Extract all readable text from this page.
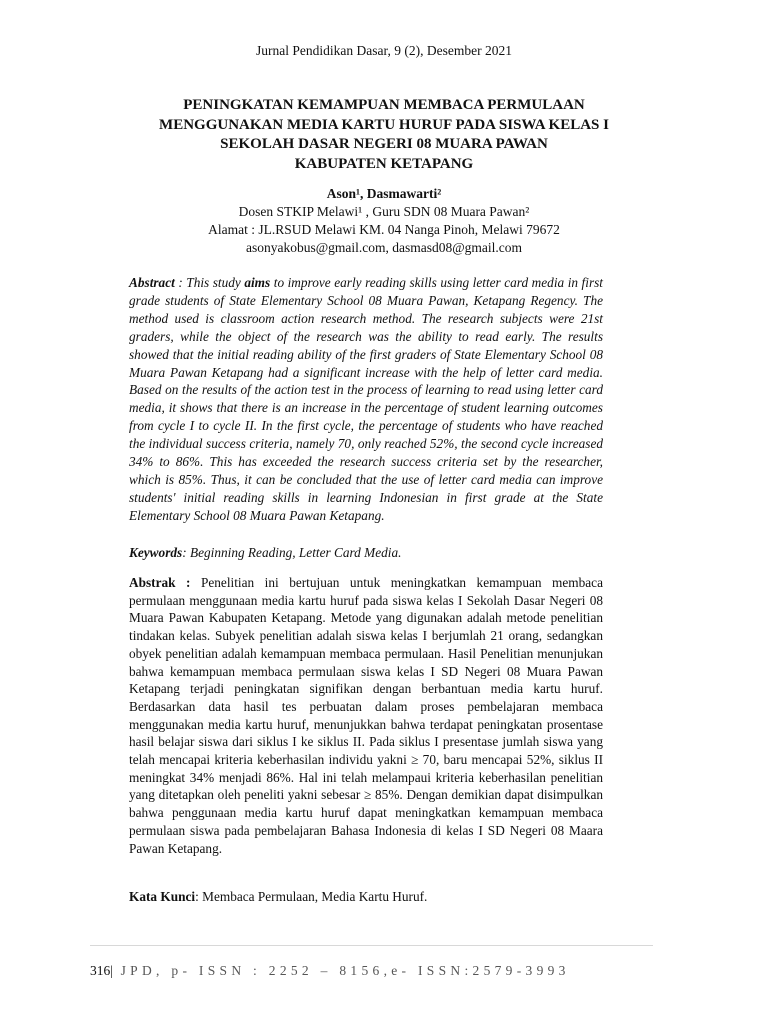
Jurnal Pendidikan Dasar, 9 (2), Desember 2021
PENINGKATAN KEMAMPUAN MEMBACA PERMULAAN
MENGGUNAKAN MEDIA KARTU HURUF PADA SISWA KELAS I
SEKOLAH DASAR NEGERI 08 MUARA PAWAN
KABUPATEN KETAPANG
Ason¹, Dasmawarti²
Dosen STKIP Melawi¹ , Guru SDN 08 Muara Pawan²
Alamat : JL.RSUD Melawi KM. 04 Nanga Pinoh, Melawi 79672
asonyakobus@gmail.com, dasmasd08@gmail.com

Abstract : This study aims to improve early reading skills using letter card media in first grade students of State Elementary School 08 Muara Pawan, Ketapang Regency. The method used is classroom action research method. The research subjects were 21st graders, while the object of the research was the ability to read early. The results showed that the initial reading ability of the first graders of State Elementary School 08 Muara Pawan Ketapang had a significant increase with the help of letter card media. Based on the results of the action test in the process of learning to read using letter card media, it shows that there is an increase in the percentage of student learning outcomes from cycle I to cycle II. In the first cycle, the percentage of students who have reached the individual success criteria, namely 70, only reached 52%, the second cycle increased 34% to 86%. This has exceeded the research success criteria set by the researcher, which is 85%. Thus, it can be concluded that the use of letter card media can improve students' initial reading skills in learning Indonesian in first grade at the State Elementary School 08 Muara Pawan Ketapang.

Keywords: Beginning Reading, Letter Card Media.

Abstrak : Penelitian ini bertujuan untuk meningkatkan kemampuan membaca permulaan menggunaan media kartu huruf pada siswa kelas I Sekolah Dasar Negeri 08 Muara Pawan Kabupaten Ketapang. Metode yang digunakan adalah metode penelitian tindakan kelas. Subyek penelitian adalah siswa kelas I berjumlah 21 orang, sedangkan obyek penelitian adalah kemampuan membaca permulaan. Hasil Penelitian menunjukan bahwa kemampuan membaca permulaan siswa kelas I SD Negeri 08 Muara Pawan Ketapang terjadi peningkatan signifikan dengan berbantuan media kartu huruf. Berdasarkan data hasil tes perbuatan dalam proses pembelajaran membaca menggunakan media kartu huruf, menunjukkan bahwa terdapat peningkatan prosentase hasil belajar siswa dari siklus I ke siklus II. Pada siklus I presentase jumlah siswa yang telah mencapai kriteria keberhasilan individu yakni ≥ 70, baru mencapai 52%, siklus II meningkat 34% menjadi 86%. Hal ini telah melampaui kriteria keberhasilan penelitian yang ditetapkan oleh peneliti yakni sebesar ≥ 85%. Dengan demikian dapat disimpulkan bahwa penggunaan media kartu huruf dapat meningkatkan kemampuan membaca permulaan siswa pada pembelajaran Bahasa Indonesia di kelas I SD Negeri 08 Maara Pawan Ketapang.

Kata Kunci: Membaca Permulaan, Media Kartu Huruf.

316| JPD, p- ISSN : 2252 – 8156,e- ISSN:2579-3993
